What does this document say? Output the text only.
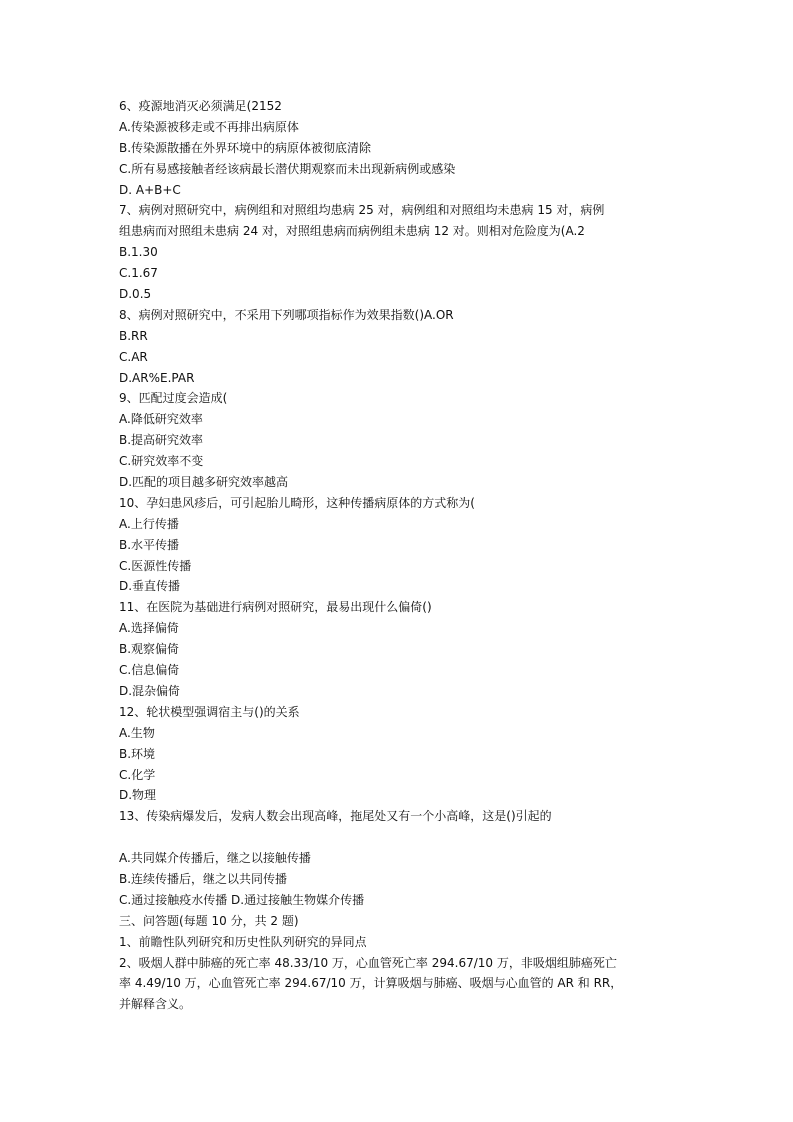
6、疫源地消灭必须满足(2152
A.传染源被移走或不再排出病原体
B.传染源散播在外界环境中的病原体被彻底清除
C.所有易感接触者经该病最长潜伏期观察而未出现新病例或感染
D. A+B+C
7、病例对照研究中，病例组和对照组均患病 25 对，病例组和对照组均未患病 15 对，病例
组患病而对照组未患病 24 对，对照组患病而病例组未患病 12 对。则相对危险度为(A.2
B.1.30
C.1.67
D.0.5
8、病例对照研究中，不采用下列哪项指标作为效果指数()A.OR
B.RR
C.AR
D.AR%E.PAR
9、匹配过度会造成(
A.降低研究效率
B.提高研究效率
C.研究效率不变
D.匹配的项目越多研究效率越高
10、孕妇患风疹后，可引起胎儿畸形，这种传播病原体的方式称为(
A.上行传播
B.水平传播
C.医源性传播
D.垂直传播
11、在医院为基础进行病例对照研究，最易出现什么偏倚()
A.选择偏倚
B.观察偏倚
C.信息偏倚
D.混杂偏倚
12、轮状模型强调宿主与()的关系
A.生物
B.环境
C.化学
D.物理
13、传染病爆发后，发病人数会出现高峰，拖尾处又有一个小高峰，这是()引起的
A.共同媒介传播后，继之以接触传播
B.连续传播后，继之以共同传播
C.通过接触疫水传播 D.通过接触生物媒介传播
三、问答题(每题 10 分，共 2 题)
1、前瞻性队列研究和历史性队列研究的异同点
2、吸烟人群中肺癌的死亡率 48.33/10 万，心血管死亡率 294.67/10 万，非吸烟组肺癌死亡
率 4.49/10 万，心血管死亡率 294.67/10 万，计算吸烟与肺癌、吸烟与心血管的 AR 和 RR，
并解释含义。
